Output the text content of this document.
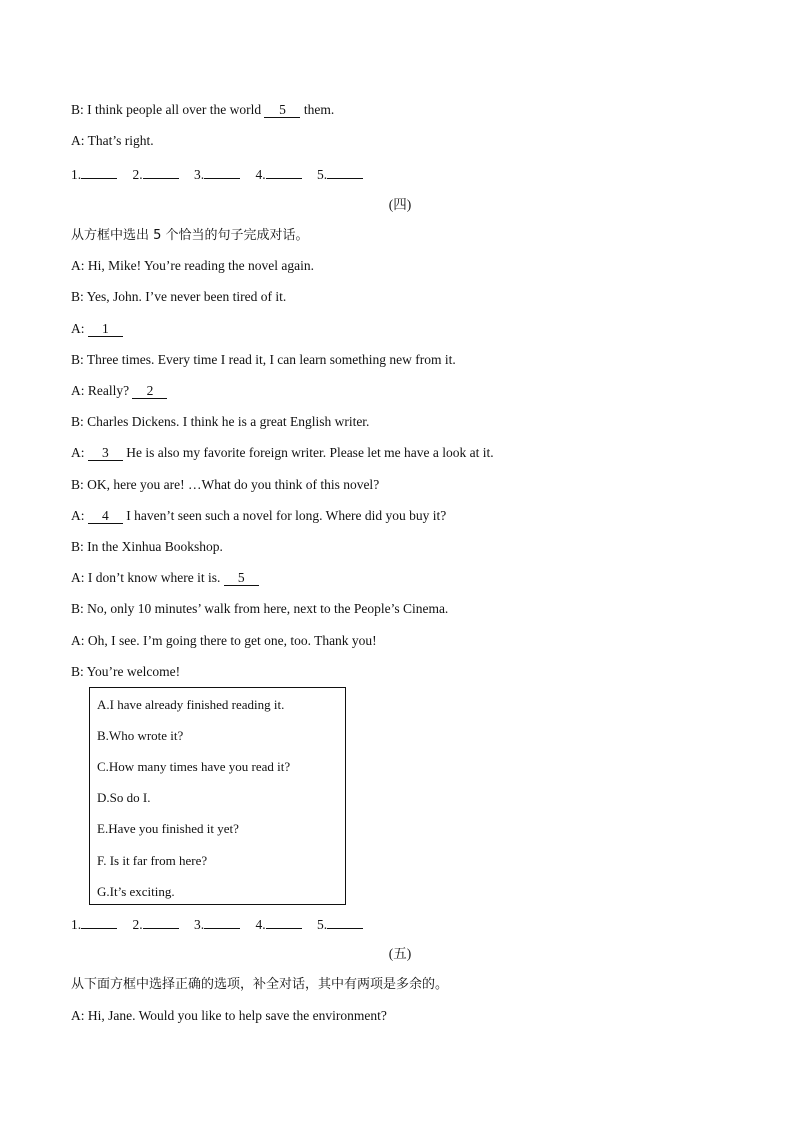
B: I think people all over the world 5 them.
A: That’s right.
1.	2.	3.	4.	5.
(四)
从方框中选出 5 个恰当的句子完成对话。
A: Hi, Mike! You’re reading the novel again.
B: Yes, John. I’ve never been tired of it.
A: 1
B: Three times. Every time I read it, I can learn something new from it.
A: Really? 2
B: Charles Dickens. I think he is a great English writer.
A: 3 He is also my favorite foreign writer. Please let me have a look at it.
B: OK, here you are! …What do you think of this novel?
A: 4 I haven’t seen such a novel for long. Where did you buy it?
B: In the Xinhua Bookshop.
A: I don’t know where it is. 5
B: No, only 10 minutes’ walk from here, next to the People’s Cinema.
A: Oh, I see. I’m going there to get one, too. Thank you!
B: You’re welcome!
A.I have already finished reading it.
B.Who wrote it?
C.How many times have you read it?
D.So do I.
E.Have you finished it yet?
F. Is it far from here?
G.It’s exciting.
1.	2.	3.	4.	5.
(五)
从下面方框中选择正确的选项，补全对话，其中有两项是多余的。
A: Hi, Jane. Would you like to help save the environment?
